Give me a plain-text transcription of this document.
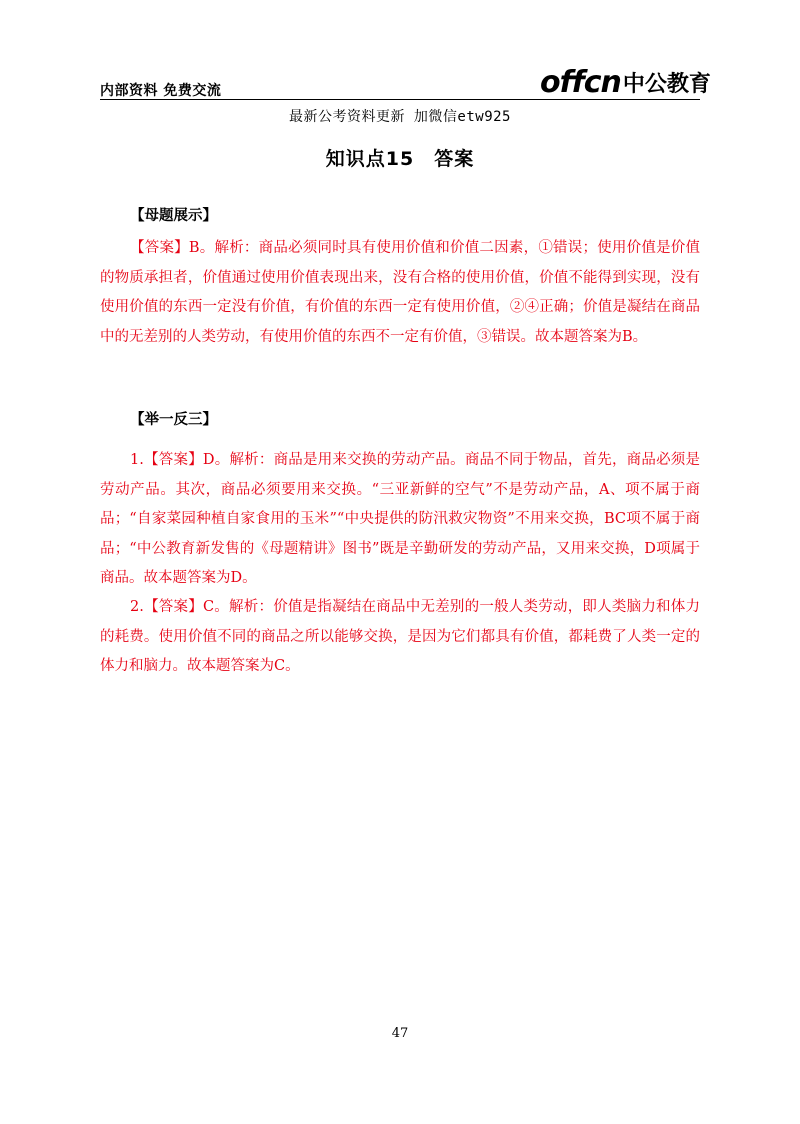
内部资料 免费交流	offcn 中公教育
最新公考资料更新 加微信etw925
知识点15　答案
【母题展示】

【答案】B。解析：商品必须同时具有使用价值和价值二因素，①错误；使用价值是价值的物质承担者，价值通过使用价值表现出来，没有合格的使用价值，价值不能得到实现，没有使用价值的东西一定没有价值，有价值的东西一定有使用价值，②④正确；价值是凝结在商品中的无差别的人类劳动，有使用价值的东西不一定有价值，③错误。故本题答案为B。

【举一反三】

1.【答案】D。解析：商品是用来交换的劳动产品。商品不同于物品，首先，商品必须是劳动产品。其次，商品必须要用来交换。“三亚新鲜的空气”不是劳动产品，A、项不属于商品；“自家菜园种植自家食用的玉米”“中央提供的防汛救灾物资”不用来交换，BC项不属于商品；“中公教育新发售的《母题精讲》图书”既是辛勤研发的劳动产品，又用来交换，D项属于商品。故本题答案为D。

2.【答案】C。解析：价值是指凝结在商品中无差别的一般人类劳动，即人类脑力和体力的耗费。使用价值不同的商品之所以能够交换，是因为它们都具有价值，都耗费了人类一定的体力和脑力。故本题答案为C。

47
